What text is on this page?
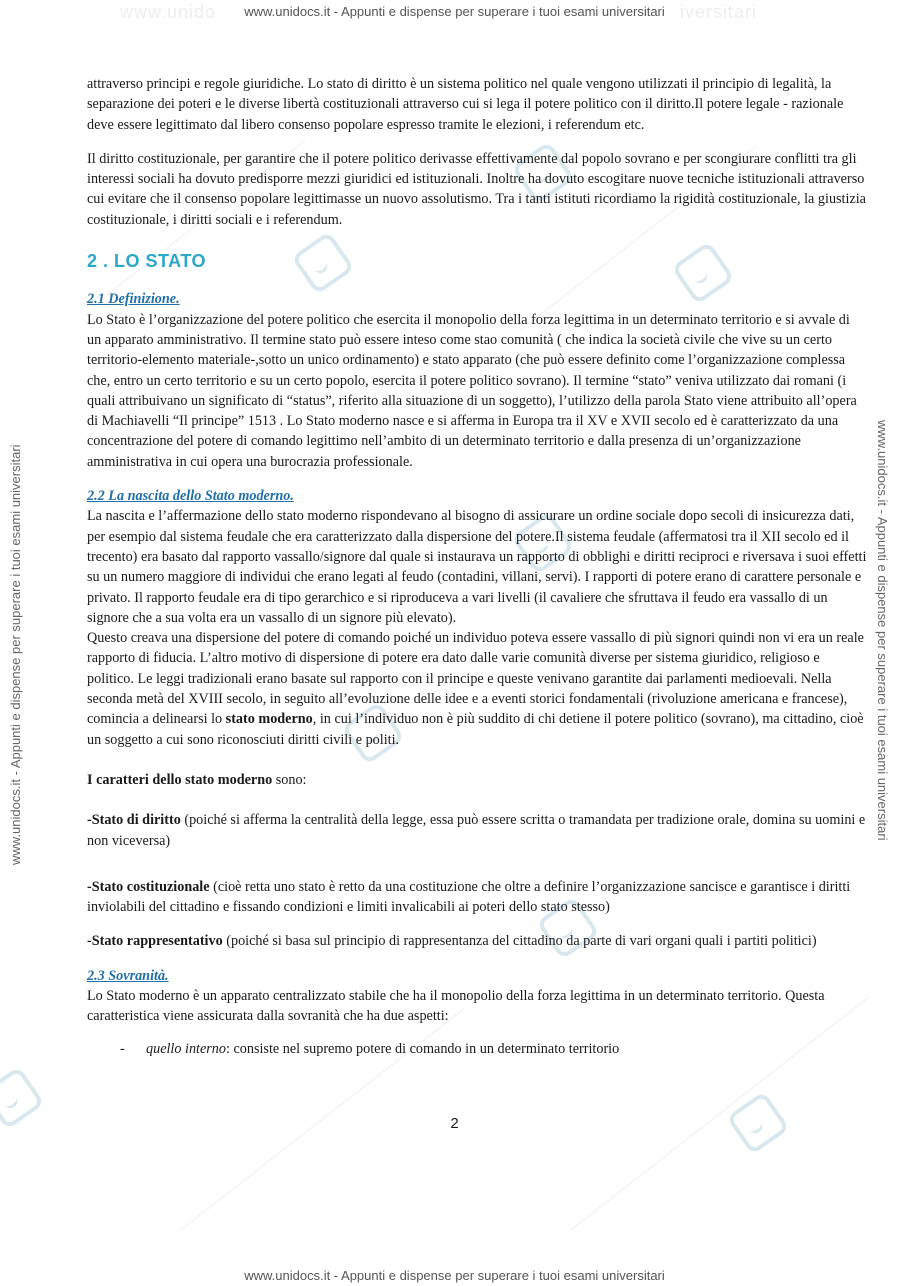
www.unido	iversitari
www.unidocs.it - Appunti e dispense per superare i tuoi esami universitari
www.unidocs.it - Appunti e dispense per superare i tuoi esami universitari	www.unidocs.it - Appunti e dispense per superare i tuoi esami universitari

attraverso principi e regole giuridiche. Lo stato di diritto è un sistema politico nel quale vengono utilizzati il principio di legalità, la separazione dei poteri e le diverse libertà costituzionali attraverso cui si lega il potere politico con il diritto.Il potere legale - razionale deve essere legittimato dal libero consenso popolare espresso tramite le elezioni, i referendum etc.

Il diritto costituzionale, per garantire che il potere politico derivasse effettivamente dal popolo sovrano e per scongiurare conflitti tra gli interessi sociali ha dovuto predisporre mezzi giuridici ed istituzionali. Inoltre ha dovuto escogitare nuove tecniche istituzionali attraverso cui evitare che il consenso popolare legittimasse un nuovo assolutismo. Tra i tanti istituti ricordiamo la rigidità costituzionale, la giustizia costituzionale, i diritti sociali e i referendum.

2 . LO STATO
2.1 Definizione.

Lo Stato è l’organizzazione del potere politico che esercita il monopolio della forza legittima in un determinato territorio e si avvale di un apparato amministrativo. Il termine stato può essere inteso come stao comunità ( che indica la società civile che vive su un certo territorio-elemento materiale-,sotto un unico ordinamento) e stato apparato (che può essere definito come l’organizzazione complessa che, entro un certo territorio e su un certo popolo, esercita il potere politico sovrano). Il termine “stato” veniva utilizzato dai romani (i quali attribuivano un significato di “status”, riferito alla situazione di un soggetto), l’utilizzo della parola Stato viene attribuito all’opera di Machiavelli “Il principe” 1513 . Lo Stato moderno nasce e si afferma in Europa tra il XV e XVII secolo ed è caratterizzato da una concentrazione del potere di comando legittimo nell’ambito di un determinato territorio e dalla presenza di un’organizzazione amministrativa in cui opera una burocrazia professionale.

2.2 La nascita dello Stato moderno.

La nascita e l’affermazione dello stato moderno rispondevano al bisogno di assicurare un ordine sociale dopo secoli di insicurezza dati, per esempio dal sistema feudale che era caratterizzato dalla dispersione del potere.Il sistema feudale (affermatosi tra il XII secolo ed il trecento) era basato dal rapporto vassallo/signore dal quale si instaurava un rapporto di obblighi e diritti reciproci e riversava i suoi effetti su un numero maggiore di individui che erano legati al feudo (contadini, villani, servi). I rapporti di potere erano di carattere personale e privato. Il rapporto feudale era di tipo gerarchico e si riproduceva a vari livelli (il cavaliere che sfruttava il feudo era vassallo di un signore che a sua volta era un vassallo di un signore più elevato).

Questo creava una dispersione del potere di comando poiché un individuo poteva essere vassallo di più signori quindi non vi era un reale rapporto di fiducia. L’altro motivo di dispersione di potere era dato dalle varie comunità diverse per sistema giuridico, religioso e politico. Le leggi tradizionali erano basate sul rapporto con il principe e queste venivano garantite dai parlamenti medioevali. Nella seconda metà del XVIII secolo, in seguito all’evoluzione delle idee e a eventi storici fondamentali (rivoluzione americana e francese), comincia a delinearsi lo stato moderno, in cui l’individuo non è più suddito di chi detiene il potere politico (sovrano), ma cittadino, cioè un soggetto a cui sono riconosciuti diritti civili e politi.

I caratteri dello stato moderno sono:

-Stato di diritto (poiché si afferma la centralità della legge, essa può essere scritta o tramandata per tradizione orale, domina su uomini e non viceversa)

-Stato costituzionale (cioè retta uno stato è retto da una costituzione che oltre a definire l’organizzazione sancisce e garantisce i diritti inviolabili del cittadino e fissando condizioni e limiti invalicabili ai poteri dello stato stesso)

-Stato rappresentativo (poiché si basa sul principio di rappresentanza del cittadino da parte di vari organi quali i partiti politici)

2.3 Sovranità.

Lo Stato moderno è un apparato centralizzato stabile che ha il monopolio della forza legittima in un determinato territorio. Questa caratteristica viene assicurata dalla sovranità che ha due aspetti:

- quello interno: consiste nel supremo potere di comando in un determinato territorio
2
www.unidocs.it - Appunti e dispense per superare i tuoi esami universitari
